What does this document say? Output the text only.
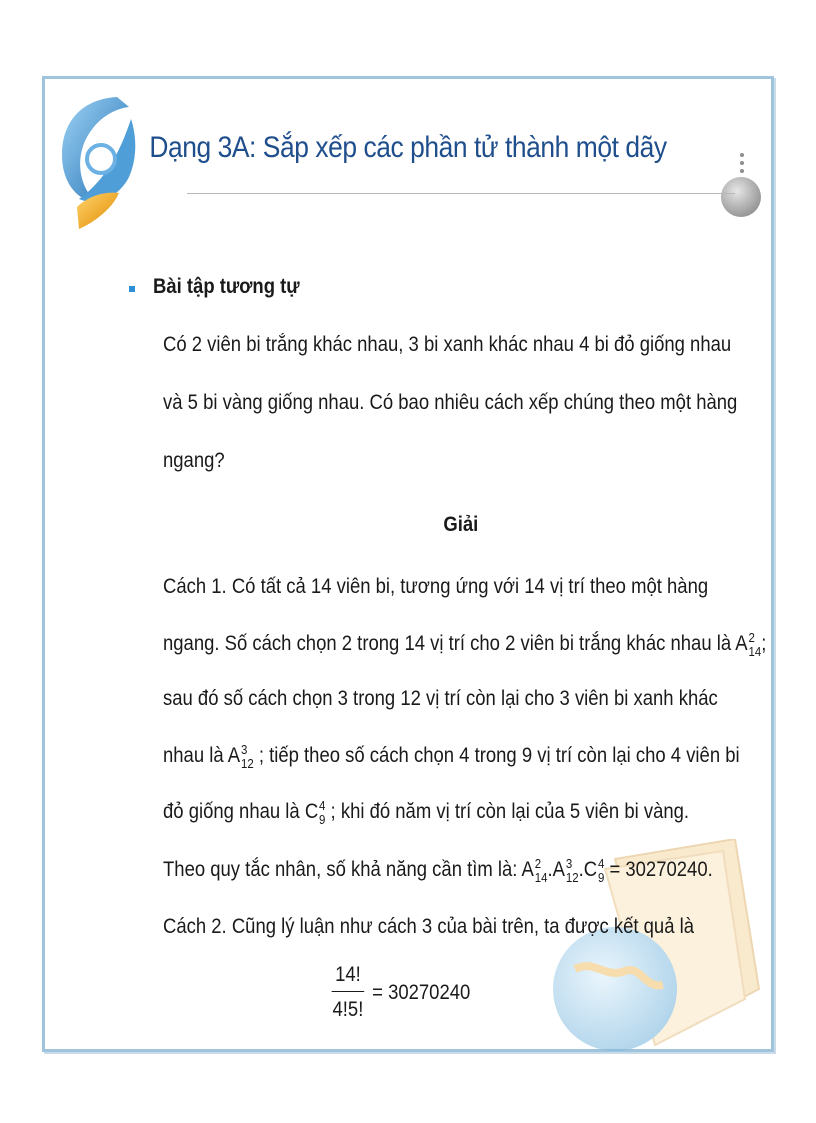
Dạng 3A: Sắp xếp các phần tử thành một dãy
Bài tập tương tự
Có 2 viên bi trắng khác nhau, 3 bi xanh khác nhau 4 bi đỏ giống nhau
và 5 bi vàng giống nhau. Có bao nhiêu cách xếp chúng theo một hàng
ngang?
Giải
Cách 1. Có tất cả 14 viên bi, tương ứng với 14 vị trí theo một hàng
ngang. Số cách chọn 2 trong 14 vị trí cho 2 viên bi trắng khác nhau là A 2
14 ;
sau đó số cách chọn 3 trong 12 vị trí còn lại cho 3 viên bi xanh khác
nhau là A 3
12 ; tiếp theo số cách chọn 4 trong 9 vị trí còn lại cho 4 viên bi
đỏ giống nhau là C 4
9 ; khi đó năm vị trí còn lại của 5 viên bi vàng.
Theo quy tắc nhân, số khả năng cần tìm là: A 2
14 .A 3
12 .C 4
9 = 30270240.
Cách 2. Cũng lý luận như cách 3 của bài trên, ta được kết quả là
$\frac{14!}{4!5!} = 30270240$
